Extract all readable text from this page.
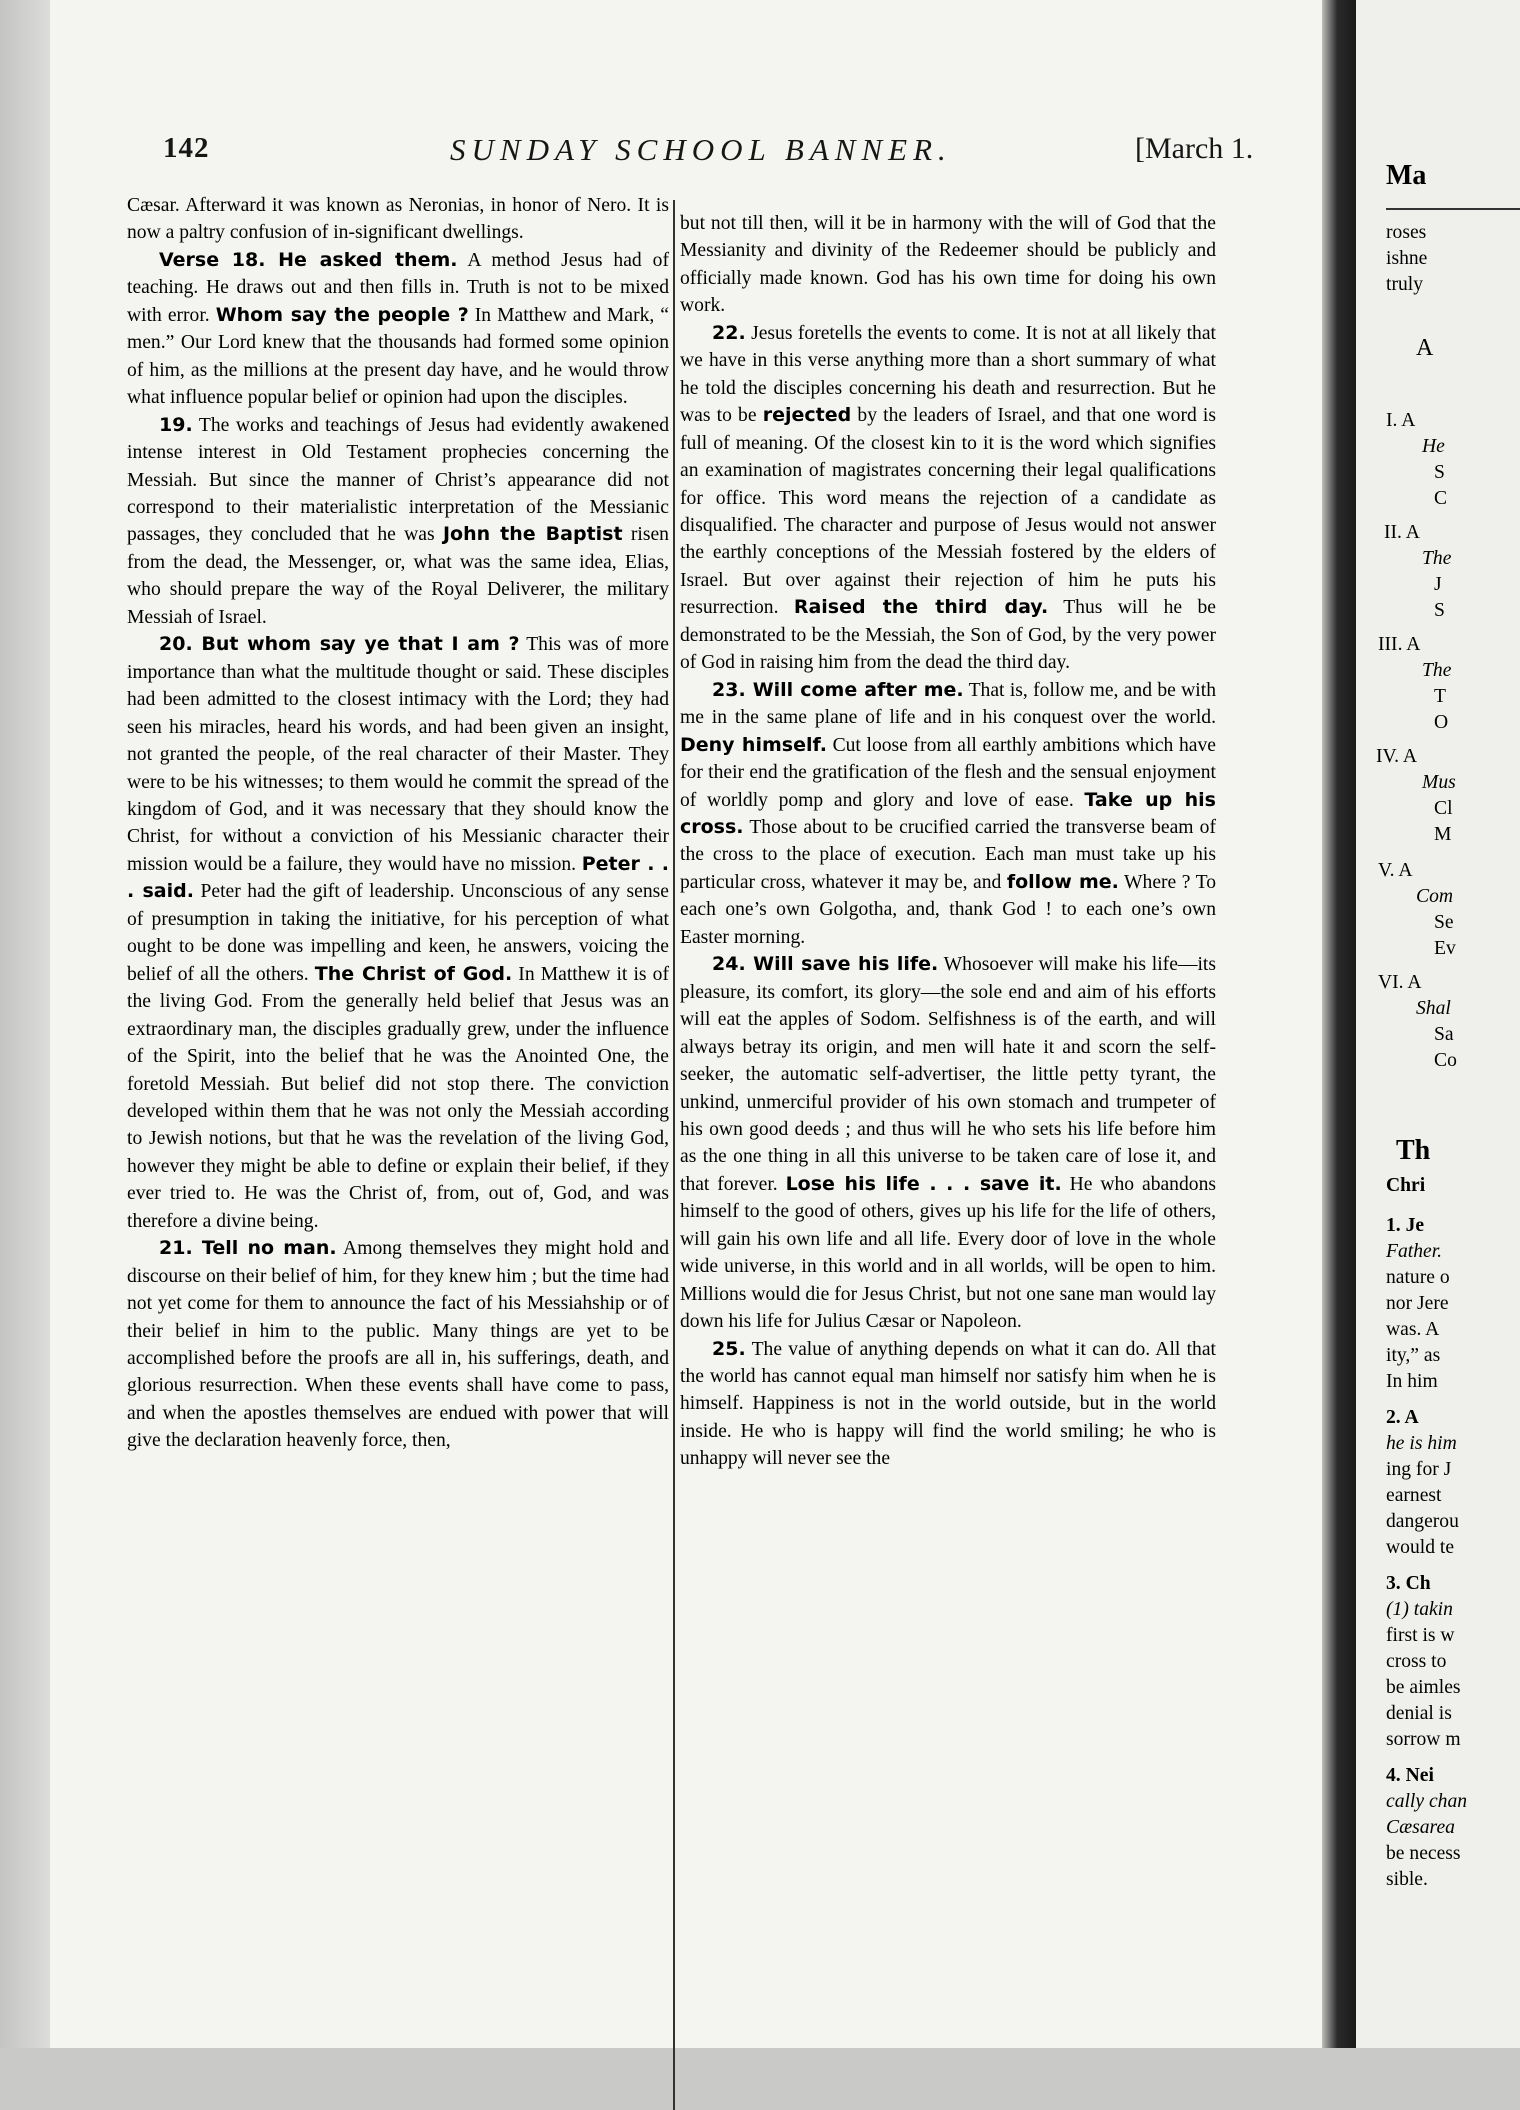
142	SUNDAY SCHOOL BANNER.	[March 1.

Cæsar. Afterward it was known as Neronias, in honor of Nero. It is now a paltry confusion of in-significant dwellings.

Verse 18. He asked them. A method Jesus had of teaching. He draws out and then fills in. Truth is not to be mixed with error. Whom say the people ? In Matthew and Mark, “ men.” Our Lord knew that the thousands had formed some opinion of him, as the millions at the present day have, and he would throw what influence popular belief or opinion had upon the disciples.

19. The works and teachings of Jesus had evidently awakened intense interest in Old Testament prophecies concerning the Messiah. But since the manner of Christ’s appearance did not correspond to their materialistic interpretation of the Messianic passages, they concluded that he was John the Baptist risen from the dead, the Messenger, or, what was the same idea, Elias, who should prepare the way of the Royal Deliverer, the military Messiah of Israel.

20. But whom say ye that I am ? This was of more importance than what the multitude thought or said. These disciples had been admitted to the closest intimacy with the Lord; they had seen his miracles, heard his words, and had been given an insight, not granted the people, of the real character of their Master. They were to be his witnesses; to them would he commit the spread of the kingdom of God, and it was necessary that they should know the Christ, for without a conviction of his Messianic character their mission would be a failure, they would have no mission. Peter . . . said. Peter had the gift of leadership. Unconscious of any sense of presumption in taking the initiative, for his perception of what ought to be done was impelling and keen, he answers, voicing the belief of all the others. The Christ of God. In Matthew it is of the living God. From the generally held belief that Jesus was an extraordinary man, the disciples gradually grew, under the influence of the Spirit, into the belief that he was the Anointed One, the foretold Messiah. But belief did not stop there. The conviction developed within them that he was not only the Messiah according to Jewish notions, but that he was the revelation of the living God, however they might be able to define or explain their belief, if they ever tried to. He was the Christ of, from, out of, God, and was therefore a divine being.

21. Tell no man. Among themselves they might hold and discourse on their belief of him, for they knew him ; but the time had not yet come for them to announce the fact of his Messiahship or of their belief in him to the public. Many things are yet to be accomplished before the proofs are all in, his sufferings, death, and glorious resurrection. When these events shall have come to pass, and when the apostles themselves are endued with power that will give the declaration heavenly force, then,

but not till then, will it be in harmony with the will of God that the Messianity and divinity of the Redeemer should be publicly and officially made known. God has his own time for doing his own work.

22. Jesus foretells the events to come. It is not at all likely that we have in this verse anything more than a short summary of what he told the disciples concerning his death and resurrection. But he was to be rejected by the leaders of Israel, and that one word is full of meaning. Of the closest kin to it is the word which signifies an examination of magistrates concerning their legal qualifications for office. This word means the rejection of a candidate as disqualified. The character and purpose of Jesus would not answer the earthly conceptions of the Messiah fostered by the elders of Israel. But over against their rejection of him he puts his resurrection. Raised the third day. Thus will he be demonstrated to be the Messiah, the Son of God, by the very power of God in raising him from the dead the third day.

23. Will come after me. That is, follow me, and be with me in the same plane of life and in his conquest over the world. Deny himself. Cut loose from all earthly ambitions which have for their end the gratification of the flesh and the sensual enjoyment of worldly pomp and glory and love of ease. Take up his cross. Those about to be crucified carried the transverse beam of the cross to the place of execution. Each man must take up his particular cross, whatever it may be, and follow me. Where ? To each one’s own Golgotha, and, thank God ! to each one’s own Easter morning.

24. Will save his life. Whosoever will make his life—its pleasure, its comfort, its glory—the sole end and aim of his efforts will eat the apples of Sodom. Selfishness is of the earth, and will always betray its origin, and men will hate it and scorn the self-seeker, the automatic self-advertiser, the little petty tyrant, the unkind, unmerciful provider of his own stomach and trumpeter of his own good deeds ; and thus will he who sets his life before him as the one thing in all this universe to be taken care of lose it, and that forever. Lose his life . . . save it. He who abandons himself to the good of others, gives up his life for the life of others, will gain his own life and all life. Every door of love in the whole wide universe, in this world and in all worlds, will be open to him. Millions would die for Jesus Christ, but not one sane man would lay down his life for Julius Cæsar or Napoleon.

25. The value of anything depends on what it can do. All that the world has cannot equal man himself nor satisfy him when he is himself. Happiness is not in the world outside, but in the world inside. He who is happy will find the world smiling; he who is unhappy will never see the

Ma
roses
ishne
truly
A
I. A
He
S
C
II. A
The
J
S
III. A
The
T
O
IV. A
Mus
Cl
M
V. A
Com
Se
Ev
VI. A
Shal
Sa
Co
Th
Chri
1. Je
Father.
nature o
nor Jere
was. A
ity,” as
In him
2. A
he is him
ing for J
earnest
dangerou
would te
3. Ch
(1) takin
first is w
cross to
be aimles
denial is
sorrow m
4. Nei
cally chan
Cæsarea
be necess
sible.
